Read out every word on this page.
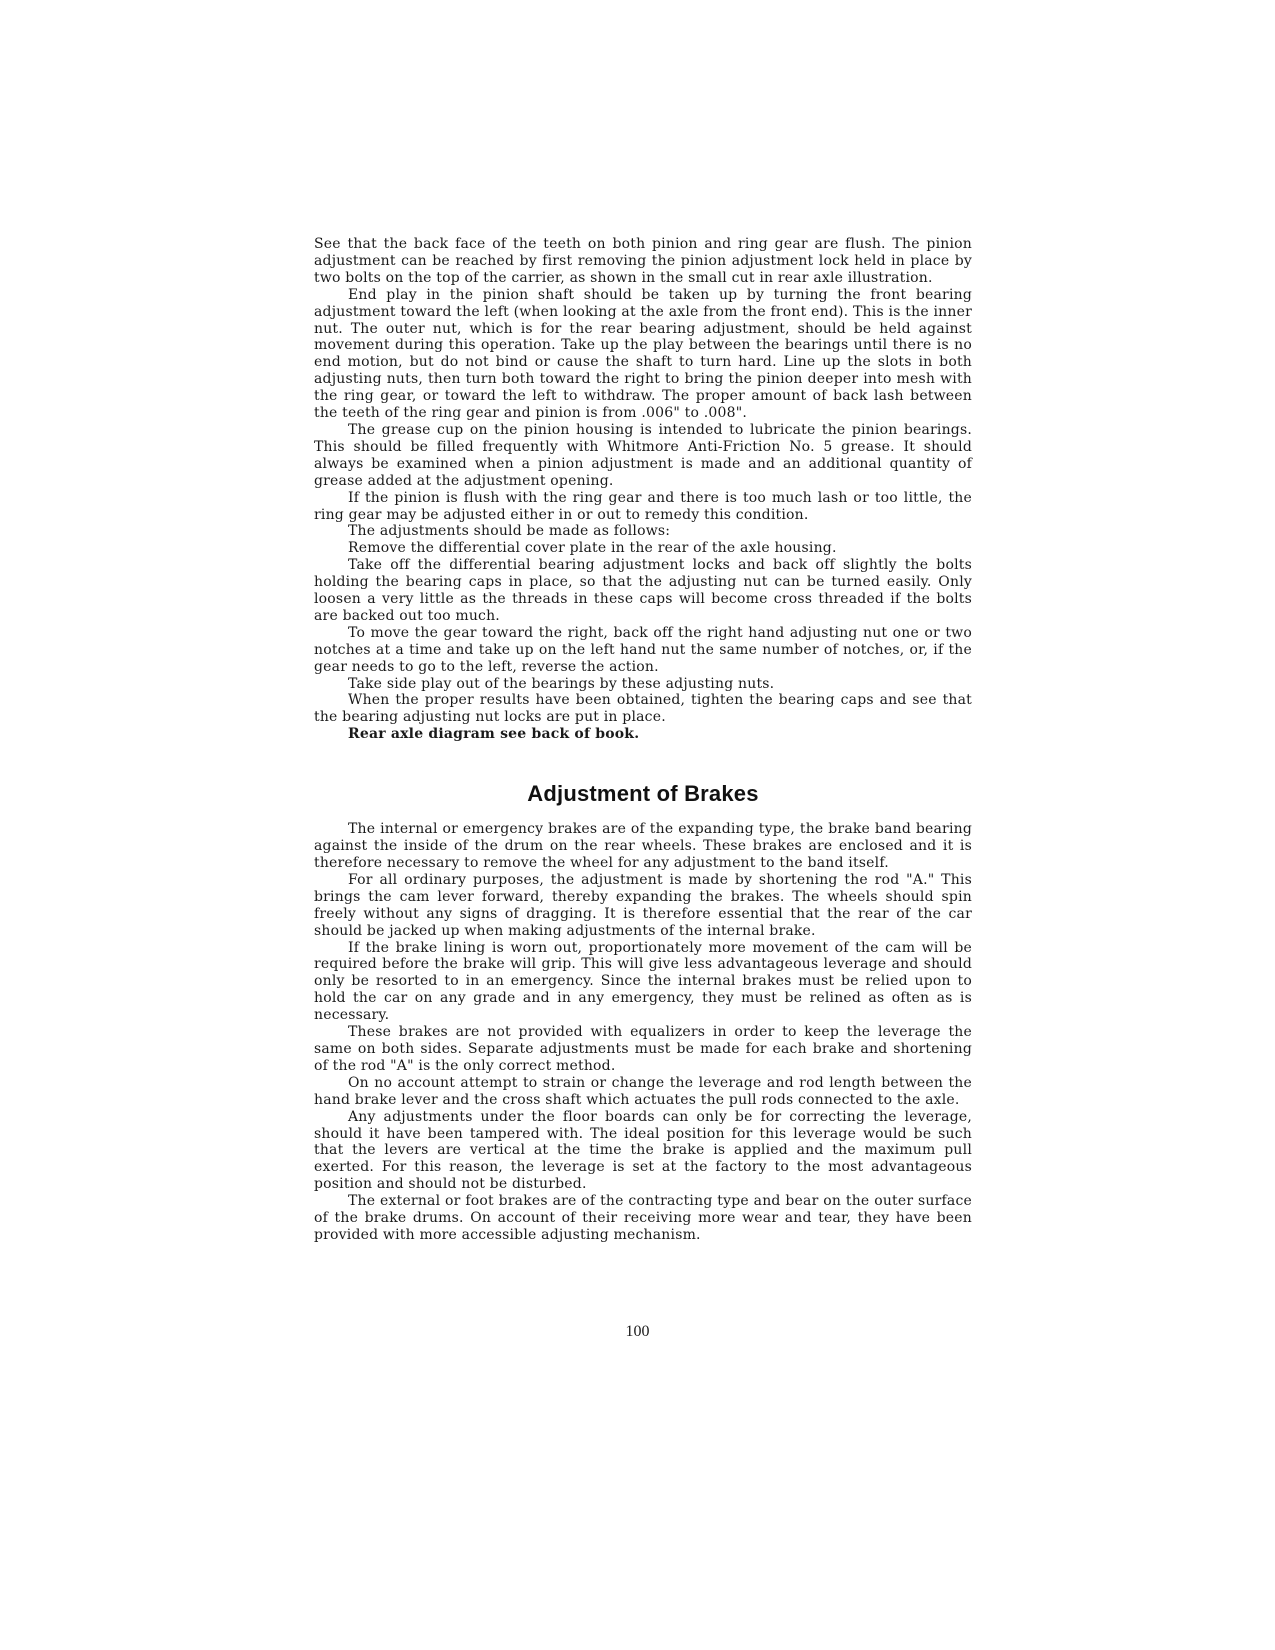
See that the back face of the teeth on both pinion and ring gear are flush. The pinion adjustment can be reached by first removing the pinion adjustment lock held in place by two bolts on the top of the carrier, as shown in the small cut in rear axle illustration.

End play in the pinion shaft should be taken up by turning the front bearing adjustment toward the left (when looking at the axle from the front end). This is the inner nut. The outer nut, which is for the rear bearing adjustment, should be held against movement during this operation. Take up the play between the bearings until there is no end motion, but do not bind or cause the shaft to turn hard. Line up the slots in both adjusting nuts, then turn both toward the right to bring the pinion deeper into mesh with the ring gear, or toward the left to withdraw. The proper amount of back lash between the teeth of the ring gear and pinion is from .006" to .008".

The grease cup on the pinion housing is intended to lubricate the pinion bearings. This should be filled frequently with Whitmore Anti-Friction No. 5 grease. It should always be examined when a pinion adjustment is made and an additional quantity of grease added at the adjustment opening.

If the pinion is flush with the ring gear and there is too much lash or too little, the ring gear may be adjusted either in or out to remedy this condition.

The adjustments should be made as follows:

Remove the differential cover plate in the rear of the axle housing.

Take off the differential bearing adjustment locks and back off slightly the bolts holding the bearing caps in place, so that the adjusting nut can be turned easily. Only loosen a very little as the threads in these caps will become cross threaded if the bolts are backed out too much.

To move the gear toward the right, back off the right hand adjusting nut one or two notches at a time and take up on the left hand nut the same number of notches, or, if the gear needs to go to the left, reverse the action.

Take side play out of the bearings by these adjusting nuts.

When the proper results have been obtained, tighten the bearing caps and see that the bearing adjusting nut locks are put in place.

Rear axle diagram see back of book.

Adjustment of Brakes

The internal or emergency brakes are of the expanding type, the brake band bearing against the inside of the drum on the rear wheels. These brakes are enclosed and it is therefore necessary to remove the wheel for any adjustment to the band itself.

For all ordinary purposes, the adjustment is made by shortening the rod "A." This brings the cam lever forward, thereby expanding the brakes. The wheels should spin freely without any signs of dragging. It is therefore essential that the rear of the car should be jacked up when making adjustments of the internal brake.

If the brake lining is worn out, proportionately more movement of the cam will be required before the brake will grip. This will give less advantageous leverage and should only be resorted to in an emergency. Since the internal brakes must be relied upon to hold the car on any grade and in any emergency, they must be relined as often as is necessary.

These brakes are not provided with equalizers in order to keep the leverage the same on both sides. Separate adjustments must be made for each brake and shortening of the rod "A" is the only correct method.

On no account attempt to strain or change the leverage and rod length between the hand brake lever and the cross shaft which actuates the pull rods connected to the axle.

Any adjustments under the floor boards can only be for correcting the leverage, should it have been tampered with. The ideal position for this leverage would be such that the levers are vertical at the time the brake is applied and the maximum pull exerted. For this reason, the leverage is set at the factory to the most advantageous position and should not be disturbed.

The external or foot brakes are of the contracting type and bear on the outer surface of the brake drums. On account of their receiving more wear and tear, they have been provided with more accessible adjusting mechanism.

100
